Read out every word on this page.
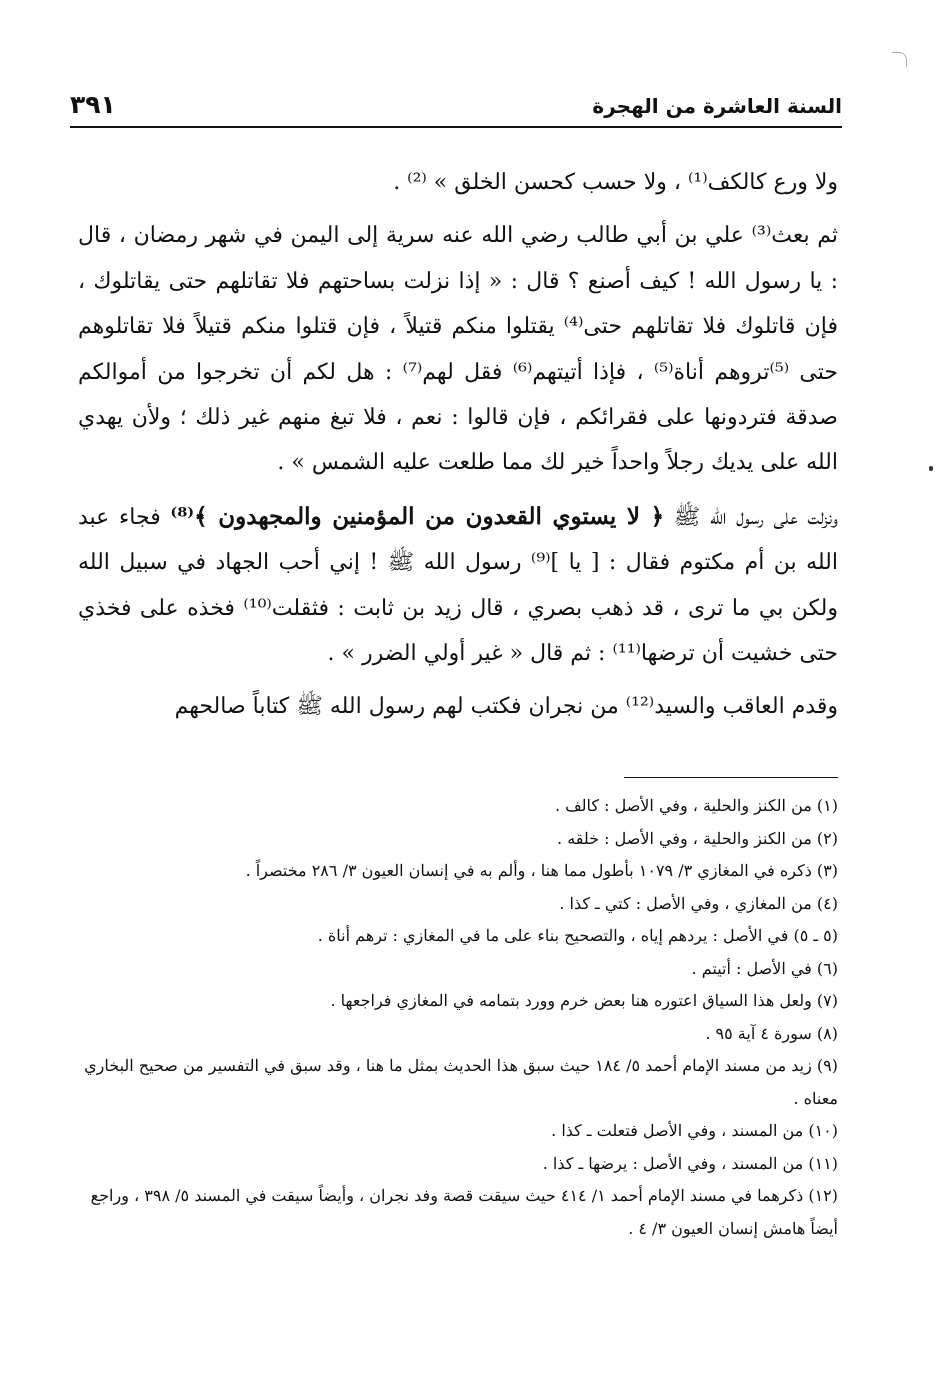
السنة العاشرة من الهجرة
٣٩١

ولا ورع كالكف⁽¹⁾ ، ولا حسب كحسن الخلق » ⁽²⁾ .

ثم بعث⁽³⁾ علي بن أبي طالب رضي الله عنه سرية إلى اليمن في شهر رمضان ، قال : يا رسول الله ! كيف أصنع ؟ قال : « إذا نزلت بساحتهم فلا تقاتلهم حتى يقاتلوك ، فإن قاتلوك فلا تقاتلهم حتى⁽⁴⁾ يقتلوا منكم قتيلاً ، فإن قتلوا منكم قتيلاً فلا تقاتلوهم حتى ⁽⁵⁾تروهم أناة⁽⁵⁾ ، فإذا أتيتهم⁽⁶⁾ فقل لهم⁽⁷⁾ : هل لكم أن تخرجوا من أموالكم صدقة فتردونها على فقرائكم ، فإن قالوا : نعم ، فلا تبغ منهم غير ذلك ؛ ولأن يهدي الله على يديك رجلاً واحداً خير لك مما طلعت عليه الشمس » .

ونزلت على رسول الله ﷺ ﴿ لا يستوي القعدون من المؤمنين والمجهدون ﴾⁽⁸⁾ فجاء عبد الله بن أم مكتوم فقال : [ يا ]⁽⁹⁾ رسول الله ﷺ ! إني أحب الجهاد في سبيل الله ولكن بي ما ترى ، قد ذهب بصري ، قال زيد بن ثابت : فثقلت⁽¹⁰⁾ فخذه على فخذي حتى خشيت أن ترضها⁽¹¹⁾ : ثم قال « غير أولي الضرر » .

وقدم العاقب والسيد⁽¹²⁾ من نجران فكتب لهم رسول الله ﷺ كتاباً صالحهم

(١) من الكنز والحلية ، وفي الأصل : كالف .

(٢) من الكنز والحلية ، وفي الأصل : خلقه .

(٣) ذكره في المغازي ٣/ ١٠٧٩ بأطول مما هنا ، وألم به في إنسان العيون ٣/ ٢٨٦ مختصراً .

(٤) من المغازي ، وفي الأصل : كتي ـ كذا .

(٥ ـ ٥) في الأصل : يردهم إياه ، والتصحيح بناء على ما في المغازي : ترهم أناة .

(٦) في الأصل : أتيتم .

(٧) ولعل هذا السياق اعتوره هنا بعض خرم وورد بتمامه في المغازي فراجعها .

(٨) سورة ٤ آية ٩٥ .

(٩) زيد من مسند الإمام أحمد ٥/ ١٨٤ حيث سبق هذا الحديث بمثل ما هنا ، وقد سبق في التفسير من صحيح البخاري معناه .

(١٠) من المسند ، وفي الأصل فتعلت ـ كذا .

(١١) من المسند ، وفي الأصل : يرضها ـ كذا .

(١٢) ذكرهما في مسند الإمام أحمد ١/ ٤١٤ حيث سيقت قصة وفد نجران ، وأيضاً سيقت في المسند ٥/ ٣٩٨ ، وراجع أيضاً هامش إنسان العيون ٣/ ٤ .
